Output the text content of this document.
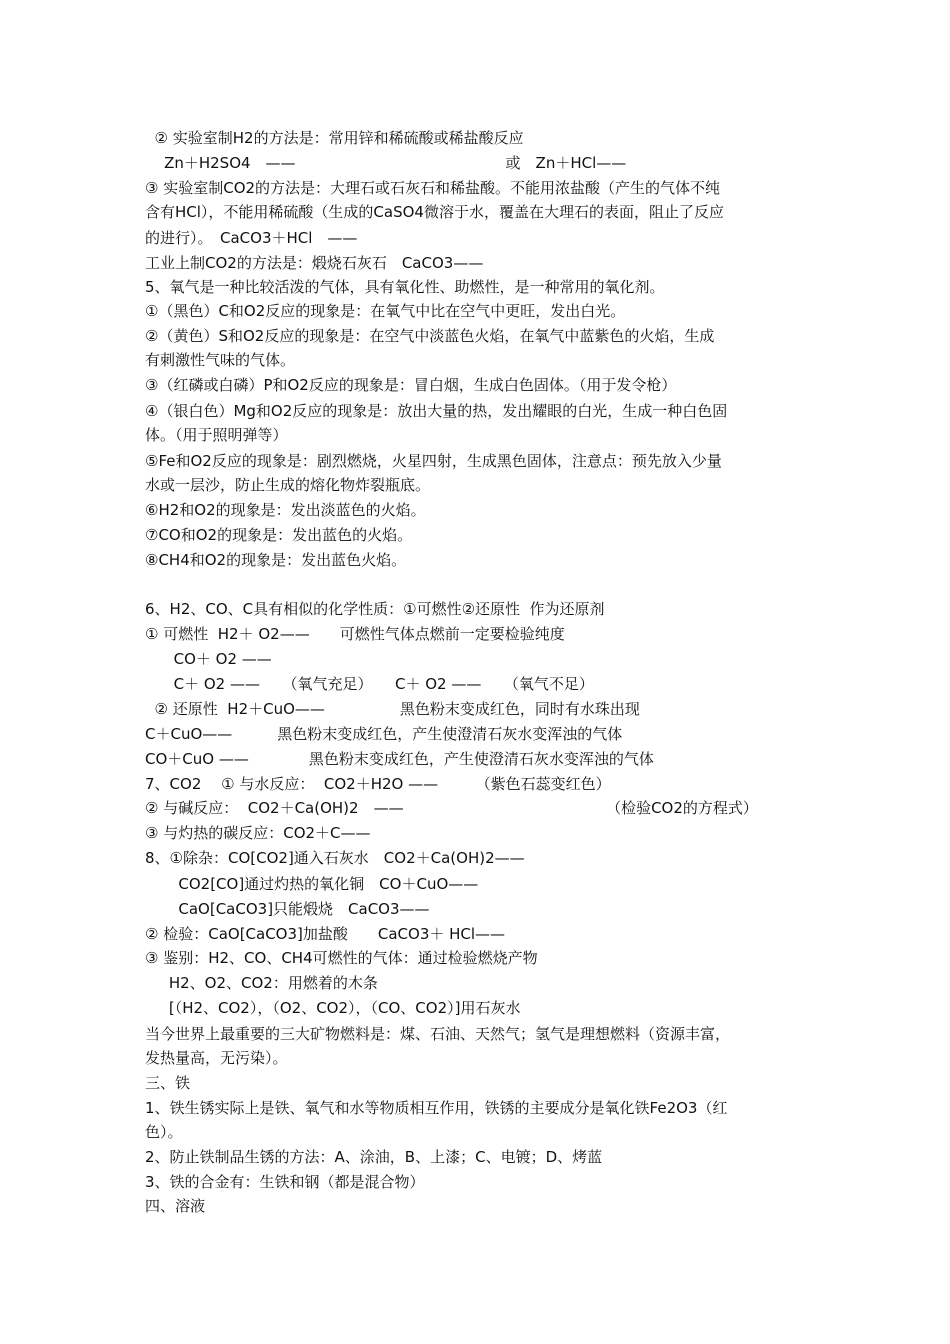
② 实验室制H2的方法是：常用锌和稀硫酸或稀盐酸反应

Zn＋H2SO4　——　　　　　　　　　　　　　　或　Zn＋HCl——

③ 实验室制CO2的方法是：大理石或石灰石和稀盐酸。不能用浓盐酸（产生的气体不纯

含有HCl），不能用稀硫酸（生成的CaSO4微溶于水，覆盖在大理石的表面，阻止了反应

的进行）。　CaCO3＋HCl　——

工业上制CO2的方法是：煅烧石灰石　CaCO3——

5、氧气是一种比较活泼的气体，具有氧化性、助燃性，是一种常用的氧化剂。

①（黑色）C和O2反应的现象是：在氧气中比在空气中更旺，发出白光。

②（黄色）S和O2反应的现象是：在空气中淡蓝色火焰，在氧气中蓝紫色的火焰，生成

有刺激性气味的气体。

③（红磷或白磷）P和O2反应的现象是：冒白烟，生成白色固体。（用于发令枪）

④（银白色）Mg和O2反应的现象是：放出大量的热，发出耀眼的白光，生成一种白色固

体。（用于照明弹等）

⑤Fe和O2反应的现象是：剧烈燃烧，火星四射，生成黑色固体，注意点：预先放入少量

水或一层沙，防止生成的熔化物炸裂瓶底。

⑥H2和O2的现象是：发出淡蓝色的火焰。

⑦CO和O2的现象是：发出蓝色的火焰。

⑧CH4和O2的现象是：发出蓝色火焰。

6、H2、CO、C具有相似的化学性质：①可燃性②还原性  作为还原剂

① 可燃性  H2＋ O2——　　可燃性气体点燃前一定要检验纯度

CO＋ O2 ——

C＋ O2 ——　　（氧气充足）　　C＋ O2 ——　　（氧气不足）

② 还原性  H2＋CuO——　　　　　黑色粉末变成红色，同时有水珠出现

C＋CuO——　　　黑色粉末变成红色，产生使澄清石灰水变浑浊的气体

CO＋CuO ——　　　　黑色粉末变成红色，产生使澄清石灰水变浑浊的气体

7、CO2　 ① 与水反应：  CO2＋H2O ——　　　（紫色石蕊变红色）

② 与碱反应：  CO2＋Ca(OH)2　——　　　　　　　　　　　　　　（检验CO2的方程式）

③ 与灼热的碳反应：CO2＋C——

8、①除杂：CO[CO2]通入石灰水　CO2＋Ca(OH)2——

CO2[CO]通过灼热的氧化铜　CO＋CuO——

CaO[CaCO3]只能煅烧　CaCO3——

② 检验：CaO[CaCO3]加盐酸　　CaCO3＋ HCl——

③ 鉴别：H2、CO、CH4可燃性的气体：通过检验燃烧产物

H2、O2、CO2：用燃着的木条

[（H2、CO2），（O2、CO2），（CO、CO2）]用石灰水

当今世界上最重要的三大矿物燃料是：煤、石油、天然气；氢气是理想燃料（资源丰富，

发热量高，无污染）。

三、铁

1、铁生锈实际上是铁、氧气和水等物质相互作用，铁锈的主要成分是氧化铁Fe2O3（红

色）。

2、防止铁制品生锈的方法：A、涂油，B、上漆；C、电镀；D、烤蓝

3、铁的合金有：生铁和钢（都是混合物）

四、溶液
